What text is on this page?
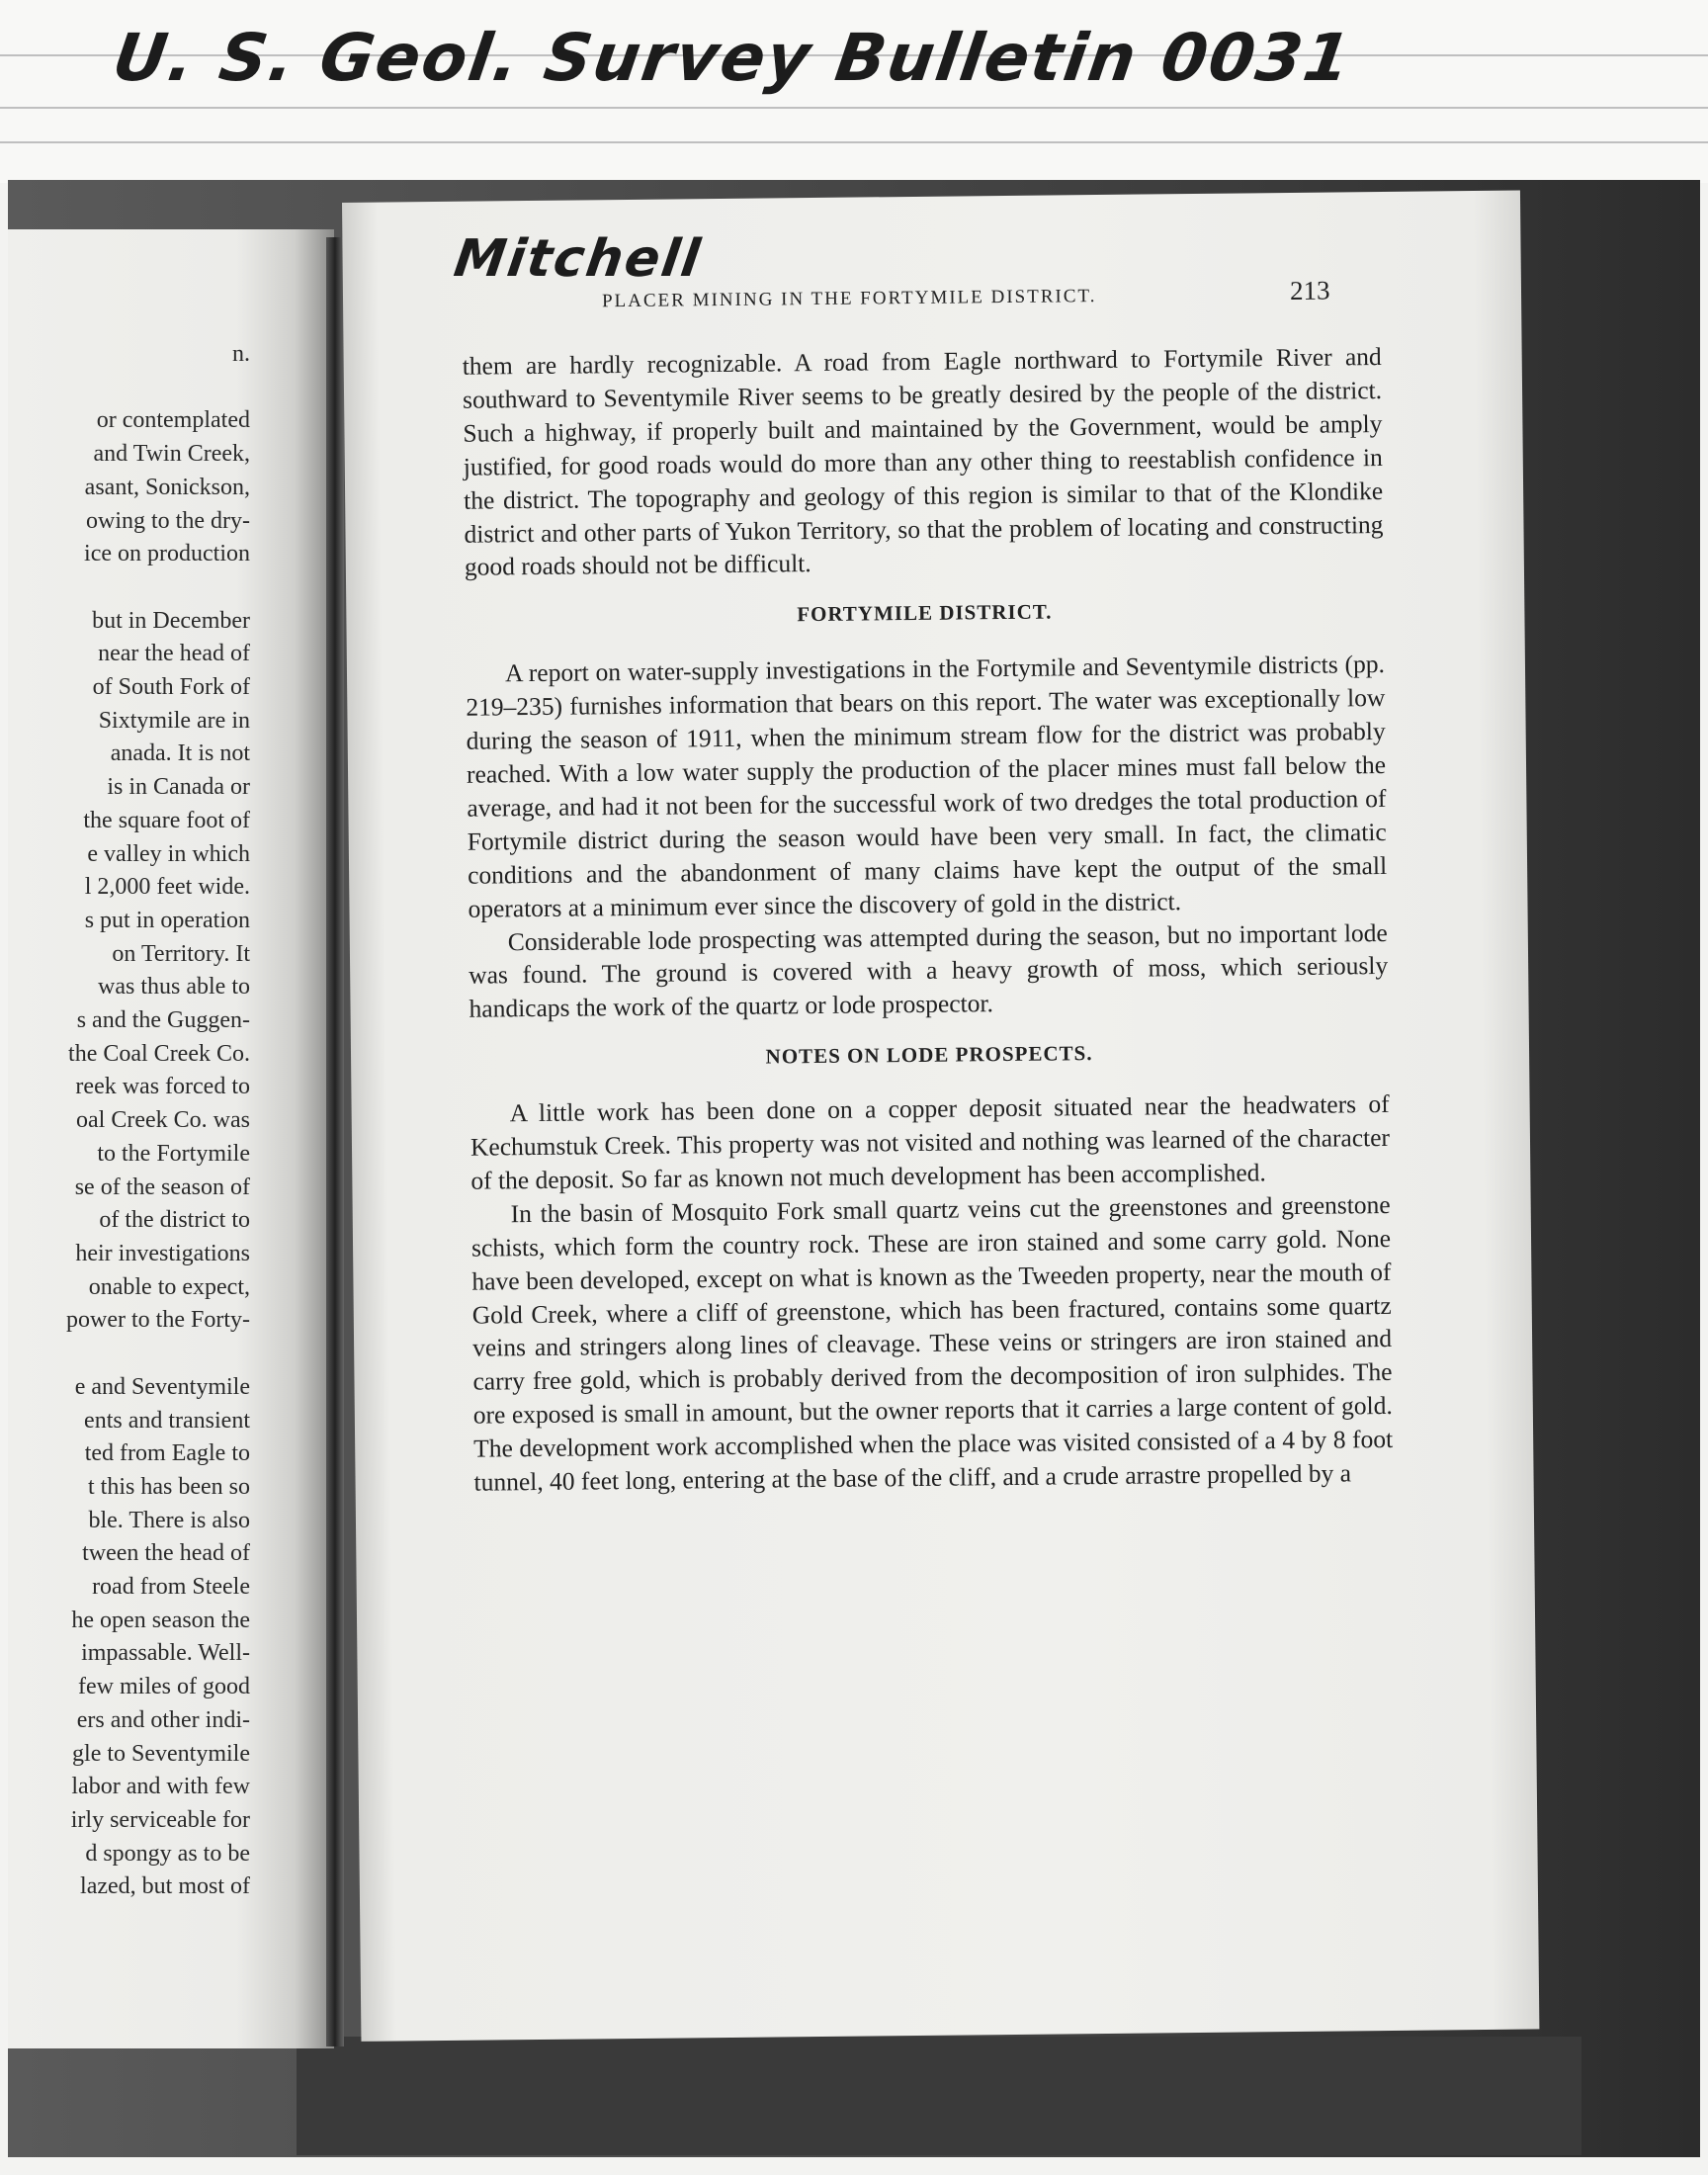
U. S. Geol. Survey Bulletin 0031
n.

or contemplated
and Twin Creek,
asant, Sonickson,
owing to the dry-
ice on production

but in December
near the head of
of South Fork of
Sixtymile are in
anada. It is not
is in Canada or
the square foot of
e valley in which
l 2,000 feet wide.
s put in operation
on Territory. It
was thus able to
s and the Guggen-
the Coal Creek Co.
reek was forced to
oal Creek Co. was
to the Fortymile
se of the season of
of the district to
heir investigations
onable to expect,
power to the Forty-

e and Seventymile
ents and transient
ted from Eagle to
t this has been so
ble. There is also
tween the head of
road from Steele
he open season the
impassable. Well-
few miles of good
ers and other indi-
gle to Seventymile
labor and with few
irly serviceable for
d spongy as to be
lazed, but most of
PLACER MINING IN THE FORTYMILE DISTRICT.	213

them are hardly recognizable. A road from Eagle northward to Fortymile River and southward to Seventymile River seems to be greatly desired by the people of the district. Such a highway, if properly built and maintained by the Government, would be amply justified, for good roads would do more than any other thing to reestablish confidence in the district. The topography and geology of this region is similar to that of the Klondike district and other parts of Yukon Territory, so that the problem of locating and constructing good roads should not be difficult.

FORTYMILE DISTRICT.

A report on water-supply investigations in the Fortymile and Seventymile districts (pp. 219–235) furnishes information that bears on this report. The water was exceptionally low during the season of 1911, when the minimum stream flow for the district was probably reached. With a low water supply the production of the placer mines must fall below the average, and had it not been for the successful work of two dredges the total production of Fortymile district during the season would have been very small. In fact, the climatic conditions and the abandonment of many claims have kept the output of the small operators at a minimum ever since the discovery of gold in the district.

Considerable lode prospecting was attempted during the season, but no important lode was found. The ground is covered with a heavy growth of moss, which seriously handicaps the work of the quartz or lode prospector.

NOTES ON LODE PROSPECTS.

A little work has been done on a copper deposit situated near the headwaters of Kechumstuk Creek. This property was not visited and nothing was learned of the character of the deposit. So far as known not much development has been accomplished.

In the basin of Mosquito Fork small quartz veins cut the greenstones and greenstone schists, which form the country rock. These are iron stained and some carry gold. None have been developed, except on what is known as the Tweeden property, near the mouth of Gold Creek, where a cliff of greenstone, which has been fractured, contains some quartz veins and stringers along lines of cleavage. These veins or stringers are iron stained and carry free gold, which is probably derived from the decomposition of iron sulphides. The ore exposed is small in amount, but the owner reports that it carries a large content of gold. The development work accomplished when the place was visited consisted of a 4 by 8 foot tunnel, 40 feet long, entering at the base of the cliff, and a crude arrastre propelled by a

Mitchell
